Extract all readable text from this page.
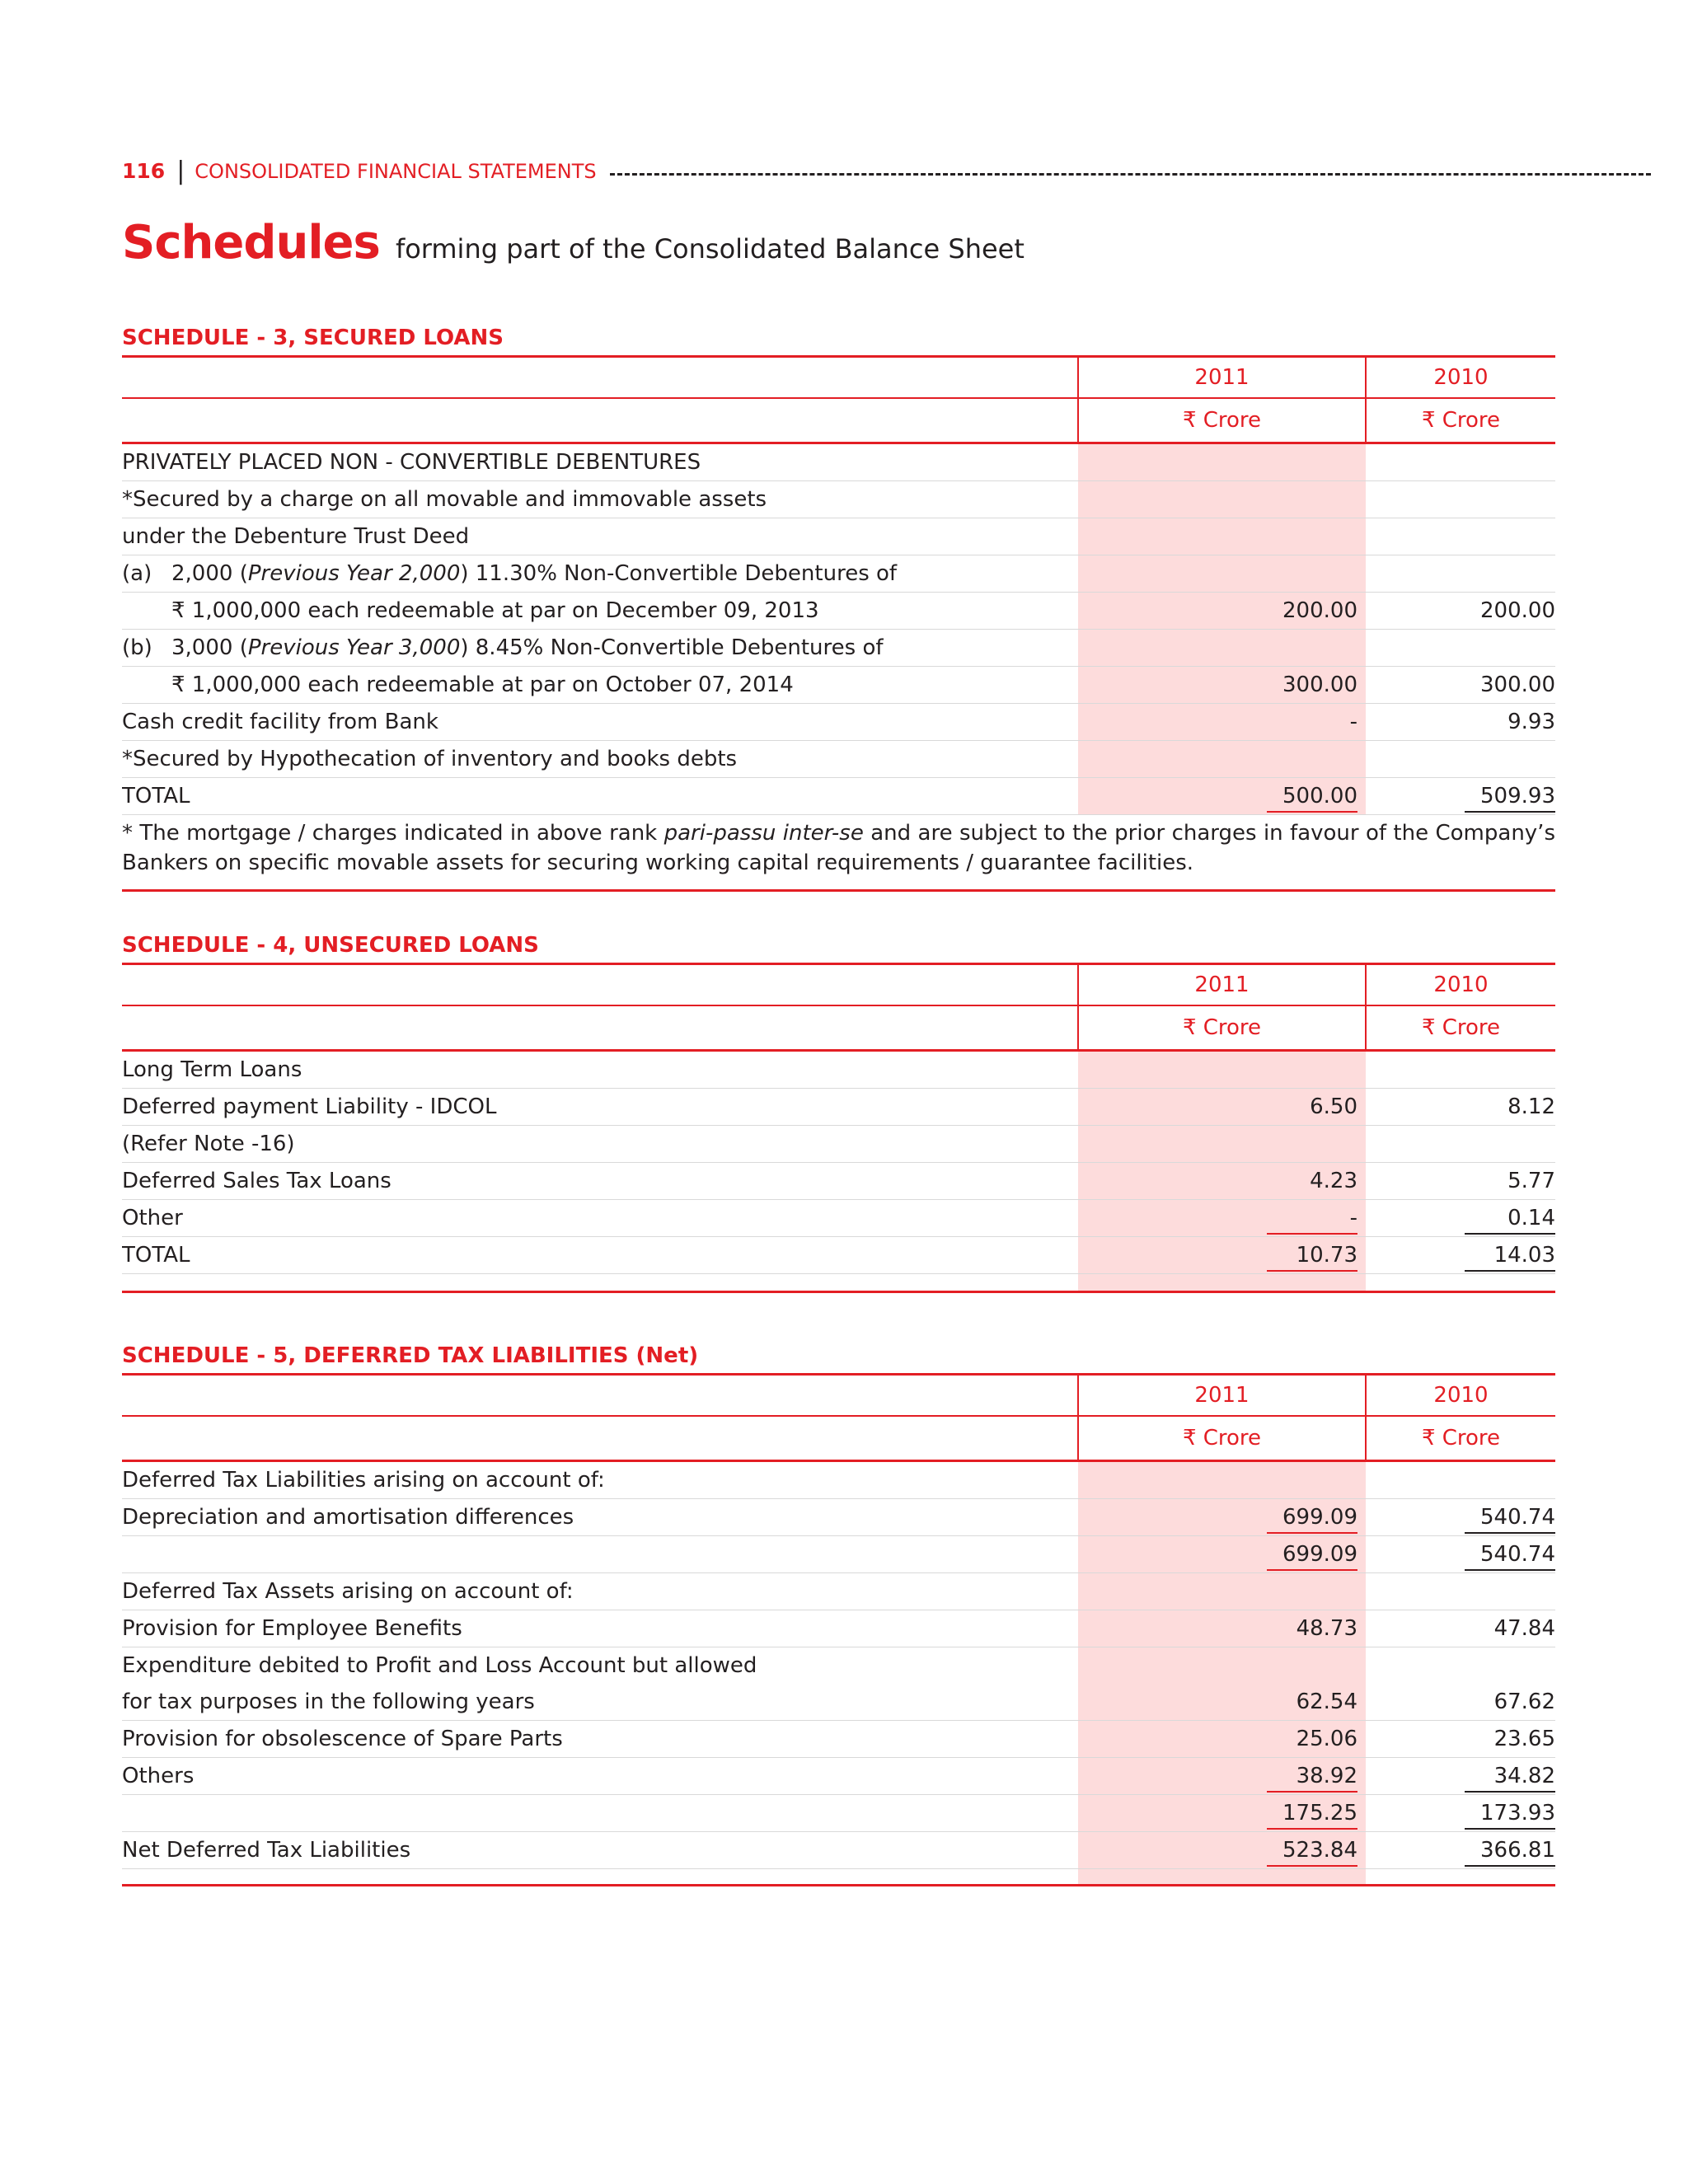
116 | CONSOLIDATED FINANCIAL STATEMENTS
Schedules forming part of the Consolidated Balance Sheet
SCHEDULE - 3, SECURED LOANS
	2011	2010
	₹ Crore	₹ Crore
PRIVATELY PLACED NON - CONVERTIBLE DEBENTURES		
*Secured by a charge on all movable and immovable assets		
under the Debenture Trust Deed		
(a) 2,000 (Previous Year 2,000) 11.30% Non-Convertible Debentures of		
₹ 1,000,000 each redeemable at par on December 09, 2013	200.00	200.00
(b) 3,000 (Previous Year 3,000) 8.45% Non-Convertible Debentures of		
₹ 1,000,000 each redeemable at par on October 07, 2014	300.00	300.00
Cash credit facility from Bank	-	9.93
*Secured by Hypothecation of inventory and books debts		
TOTAL	500.00	509.93
* The mortgage / charges indicated in above rank pari-passu inter-se and are subject to the prior charges in favour of the Company’s Bankers on specific movable assets for securing working capital requirements / guarantee facilities.
SCHEDULE - 4, UNSECURED LOANS
	2011	2010
	₹ Crore	₹ Crore
Long Term Loans		
Deferred payment Liability - IDCOL	6.50	8.12
(Refer Note -16)		
Deferred Sales Tax Loans	4.23	5.77
Other	-	0.14
TOTAL	10.73	14.03

SCHEDULE - 5, DEFERRED TAX LIABILITIES (Net)
	2011	2010
	₹ Crore	₹ Crore
Deferred Tax Liabilities arising on account of:		
Depreciation and amortisation differences	699.09	540.74
	699.09	540.74
Deferred Tax Assets arising on account of:		
Provision for Employee Benefits	48.73	47.84
Expenditure debited to Profit and Loss Account but allowed
for tax purposes in the following years	62.54	67.62
Provision for obsolescence of Spare Parts	25.06	23.65
Others	38.92	34.82
	175.25	173.93
Net Deferred Tax Liabilities	523.84	366.81
